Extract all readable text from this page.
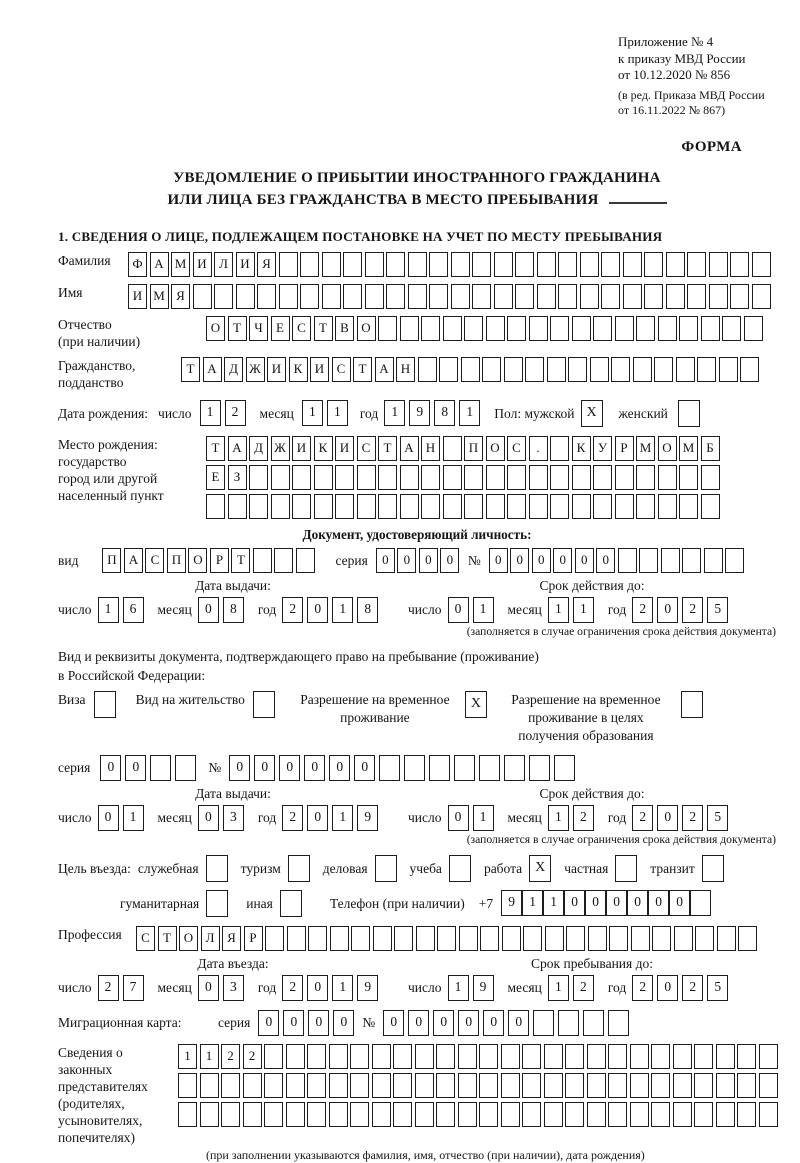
Приложение № 4
к приказу МВД России
от 10.12.2020 № 856
(в ред. Приказа МВД России
от 16.11.2022 № 867)
ФОРМА
УВЕДОМЛЕНИЕ О ПРИБЫТИИ ИНОСТРАННОГО ГРАЖДАНИНА
ИЛИ ЛИЦА БЕЗ ГРАЖДАНСТВА В МЕСТО ПРЕБЫВАНИЯ
1. СВЕДЕНИЯ О ЛИЦЕ, ПОДЛЕЖАЩЕМ ПОСТАНОВКЕ НА УЧЕТ ПО МЕСТУ ПРЕБЫВАНИЯ
Фамилия	Ф А М И Л И Я
Имя	И М Я
Отчество
(при наличии)
О Т	Ч	Е	С	Т	В О
Гражданство,
подданство
Т А Д Ж И К И С	Т А Н
Дата рождения: число	1	2	месяц	1	1	год 1	9	8	1	Пол: мужской X	женский
Место рождения:
государство
город или другой
населенный пункт
Т А Д Ж И К И С	Т А Н	П О С	.	К У	Р М О М Б
Е	З
Документ, удостоверяющий личность:
вид	П А С П О	Р	Т	серия	0	0	0	0	№	0	0	0	0	0	0
Дата выдачи:	Срок действия до:
число 1	6	месяц 0	8	год 2	0	1	8	число 0	1	месяц 1	1	год 2	0	2	5
(заполняется в случае ограничения срока действия документа)
Вид и реквизиты документа, подтверждающего право на пребывание (проживание)
в Российской Федерации:
Виза	Вид на жительство	Разрешение на временное
проживание
X	Разрешение на временное
проживание в целях
получения образования
серия	0	0	№	0	0	0	0	0	0
Дата выдачи:	Срок действия до:
число 0	1	месяц 0	3	год 2	0	1	9	число 0	1	месяц 1	2	год 2	0	2	5
(заполняется в случае ограничения срока действия документа)
Цель въезда: служебная	туризм	деловая	учеба	работа X	частная	транзит
гуманитарная	иная	Телефон (при наличии) +7	9	1	1	0	0	0	0	0	0
Профессия	С	Т О Л Я	Р
Дата въезда:	Срок пребывания до:
число 2	7	месяц 0	3	год 2	0	1	9	число 1	9	месяц 1	2	год 2	0	2	5
Миграционная карта:	серия	0	0	0	0	№	0	0	0	0	0	0
Сведения о
законных
представителях
(родителях,
усыновителях,
попечителях)
1	1	2	2
(при заполнении указываются фамилия, имя, отчество (при наличии), дата рождения)
